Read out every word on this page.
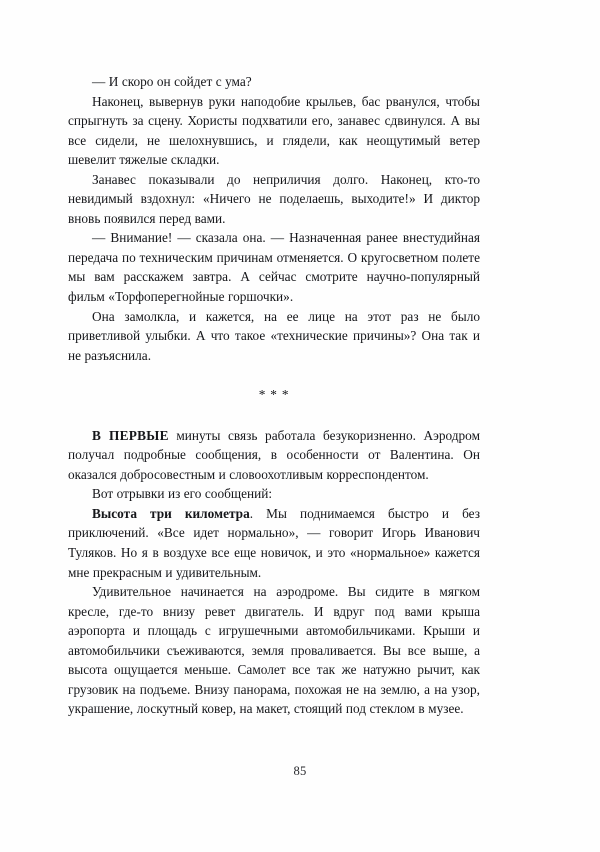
— И скоро он сойдет с ума?

Наконец, вывернув руки наподобие крыльев, бас рванулся, чтобы спрыгнуть за сцену. Хористы подхватили его, занавес сдвинулся. А вы все сидели, не шелохнувшись, и глядели, как неощутимый ветер шевелит тяжелые складки.

Занавес показывали до неприличия долго. Наконец, кто-то невидимый вздохнул: «Ничего не поделаешь, выходите!» И диктор вновь появился перед вами.

— Внимание! — сказала она. — Назначенная ранее внестудийная передача по техническим причинам отменяется. О кругосветном полете мы вам расскажем завтра. А сейчас смотрите научно-популярный фильм «Торфоперегнойные горшочки».

Она замолкла, и кажется, на ее лице на этот раз не было приветливой улыбки. А что такое «технические причины»? Она так и не разъяснила.

* * *

В ПЕРВЫЕ минуты связь работала безукоризненно. Аэродром получал подробные сообщения, в особенности от Валентина. Он оказался добросовестным и словоохотливым корреспондентом.

Вот отрывки из его сообщений:

Высота три километра. Мы поднимаемся быстро и без приключений. «Все идет нормально», — говорит Игорь Иванович Туляков. Но я в воздухе все еще новичок, и это «нормальное» кажется мне прекрасным и удивительным.

Удивительное начинается на аэродроме. Вы сидите в мягком кресле, где-то внизу ревет двигатель. И вдруг под вами крыша аэропорта и площадь с игрушечными автомобильчиками. Крыши и автомобильчики съеживаются, земля проваливается. Вы все выше, а высота ощущается меньше. Самолет все так же натужно рычит, как грузовик на подъеме. Внизу панорама, похожая не на землю, а на узор, украшение, лоскутный ковер, на макет, стоящий под стеклом в музее.

85
